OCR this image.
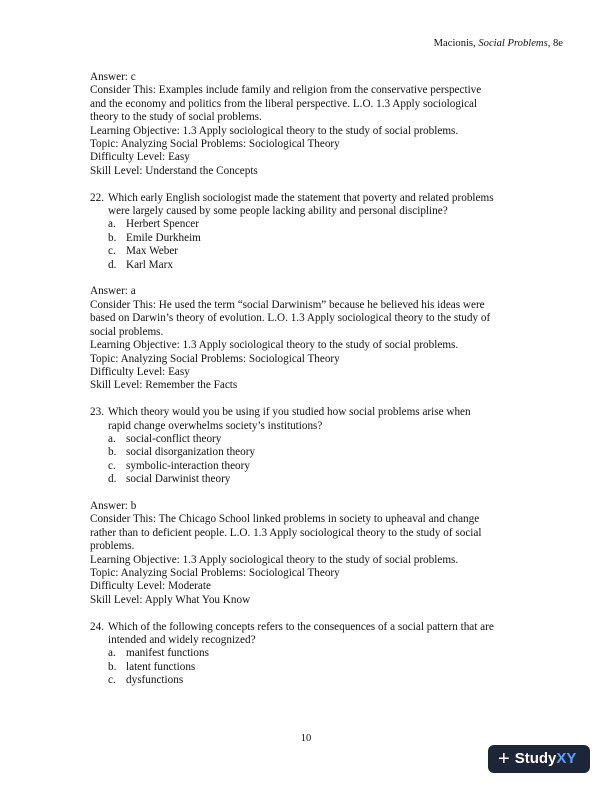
Macionis, Social Problems, 8e
Answer: c
Consider This: Examples include family and religion from the conservative perspective
and the economy and politics from the liberal perspective. L.O. 1.3 Apply sociological
theory to the study of social problems.
Learning Objective: 1.3 Apply sociological theory to the study of social problems.
Topic: Analyzing Social Problems: Sociological Theory
Difficulty Level: Easy
Skill Level: Understand the Concepts
22. Which early English sociologist made the statement that poverty and related problems
were largely caused by some people lacking ability and personal discipline?
a. Herbert Spencer
b. Emile Durkheim
c. Max Weber
d. Karl Marx
Answer: a
Consider This: He used the term “social Darwinism” because he believed his ideas were
based on Darwin’s theory of evolution. L.O. 1.3 Apply sociological theory to the study of
social problems.
Learning Objective: 1.3 Apply sociological theory to the study of social problems.
Topic: Analyzing Social Problems: Sociological Theory
Difficulty Level: Easy
Skill Level: Remember the Facts
23. Which theory would you be using if you studied how social problems arise when
rapid change overwhelms society’s institutions?
a. social-conflict theory
b. social disorganization theory
c. symbolic-interaction theory
d. social Darwinist theory
Answer: b
Consider This: The Chicago School linked problems in society to upheaval and change
rather than to deficient people. L.O. 1.3 Apply sociological theory to the study of social
problems.
Learning Objective: 1.3 Apply sociological theory to the study of social problems.
Topic: Analyzing Social Problems: Sociological Theory
Difficulty Level: Moderate
Skill Level: Apply What You Know
24. Which of the following concepts refers to the consequences of a social pattern that are
intended and widely recognized?
a. manifest functions
b. latent functions
c. dysfunctions
10
+ Study XY
